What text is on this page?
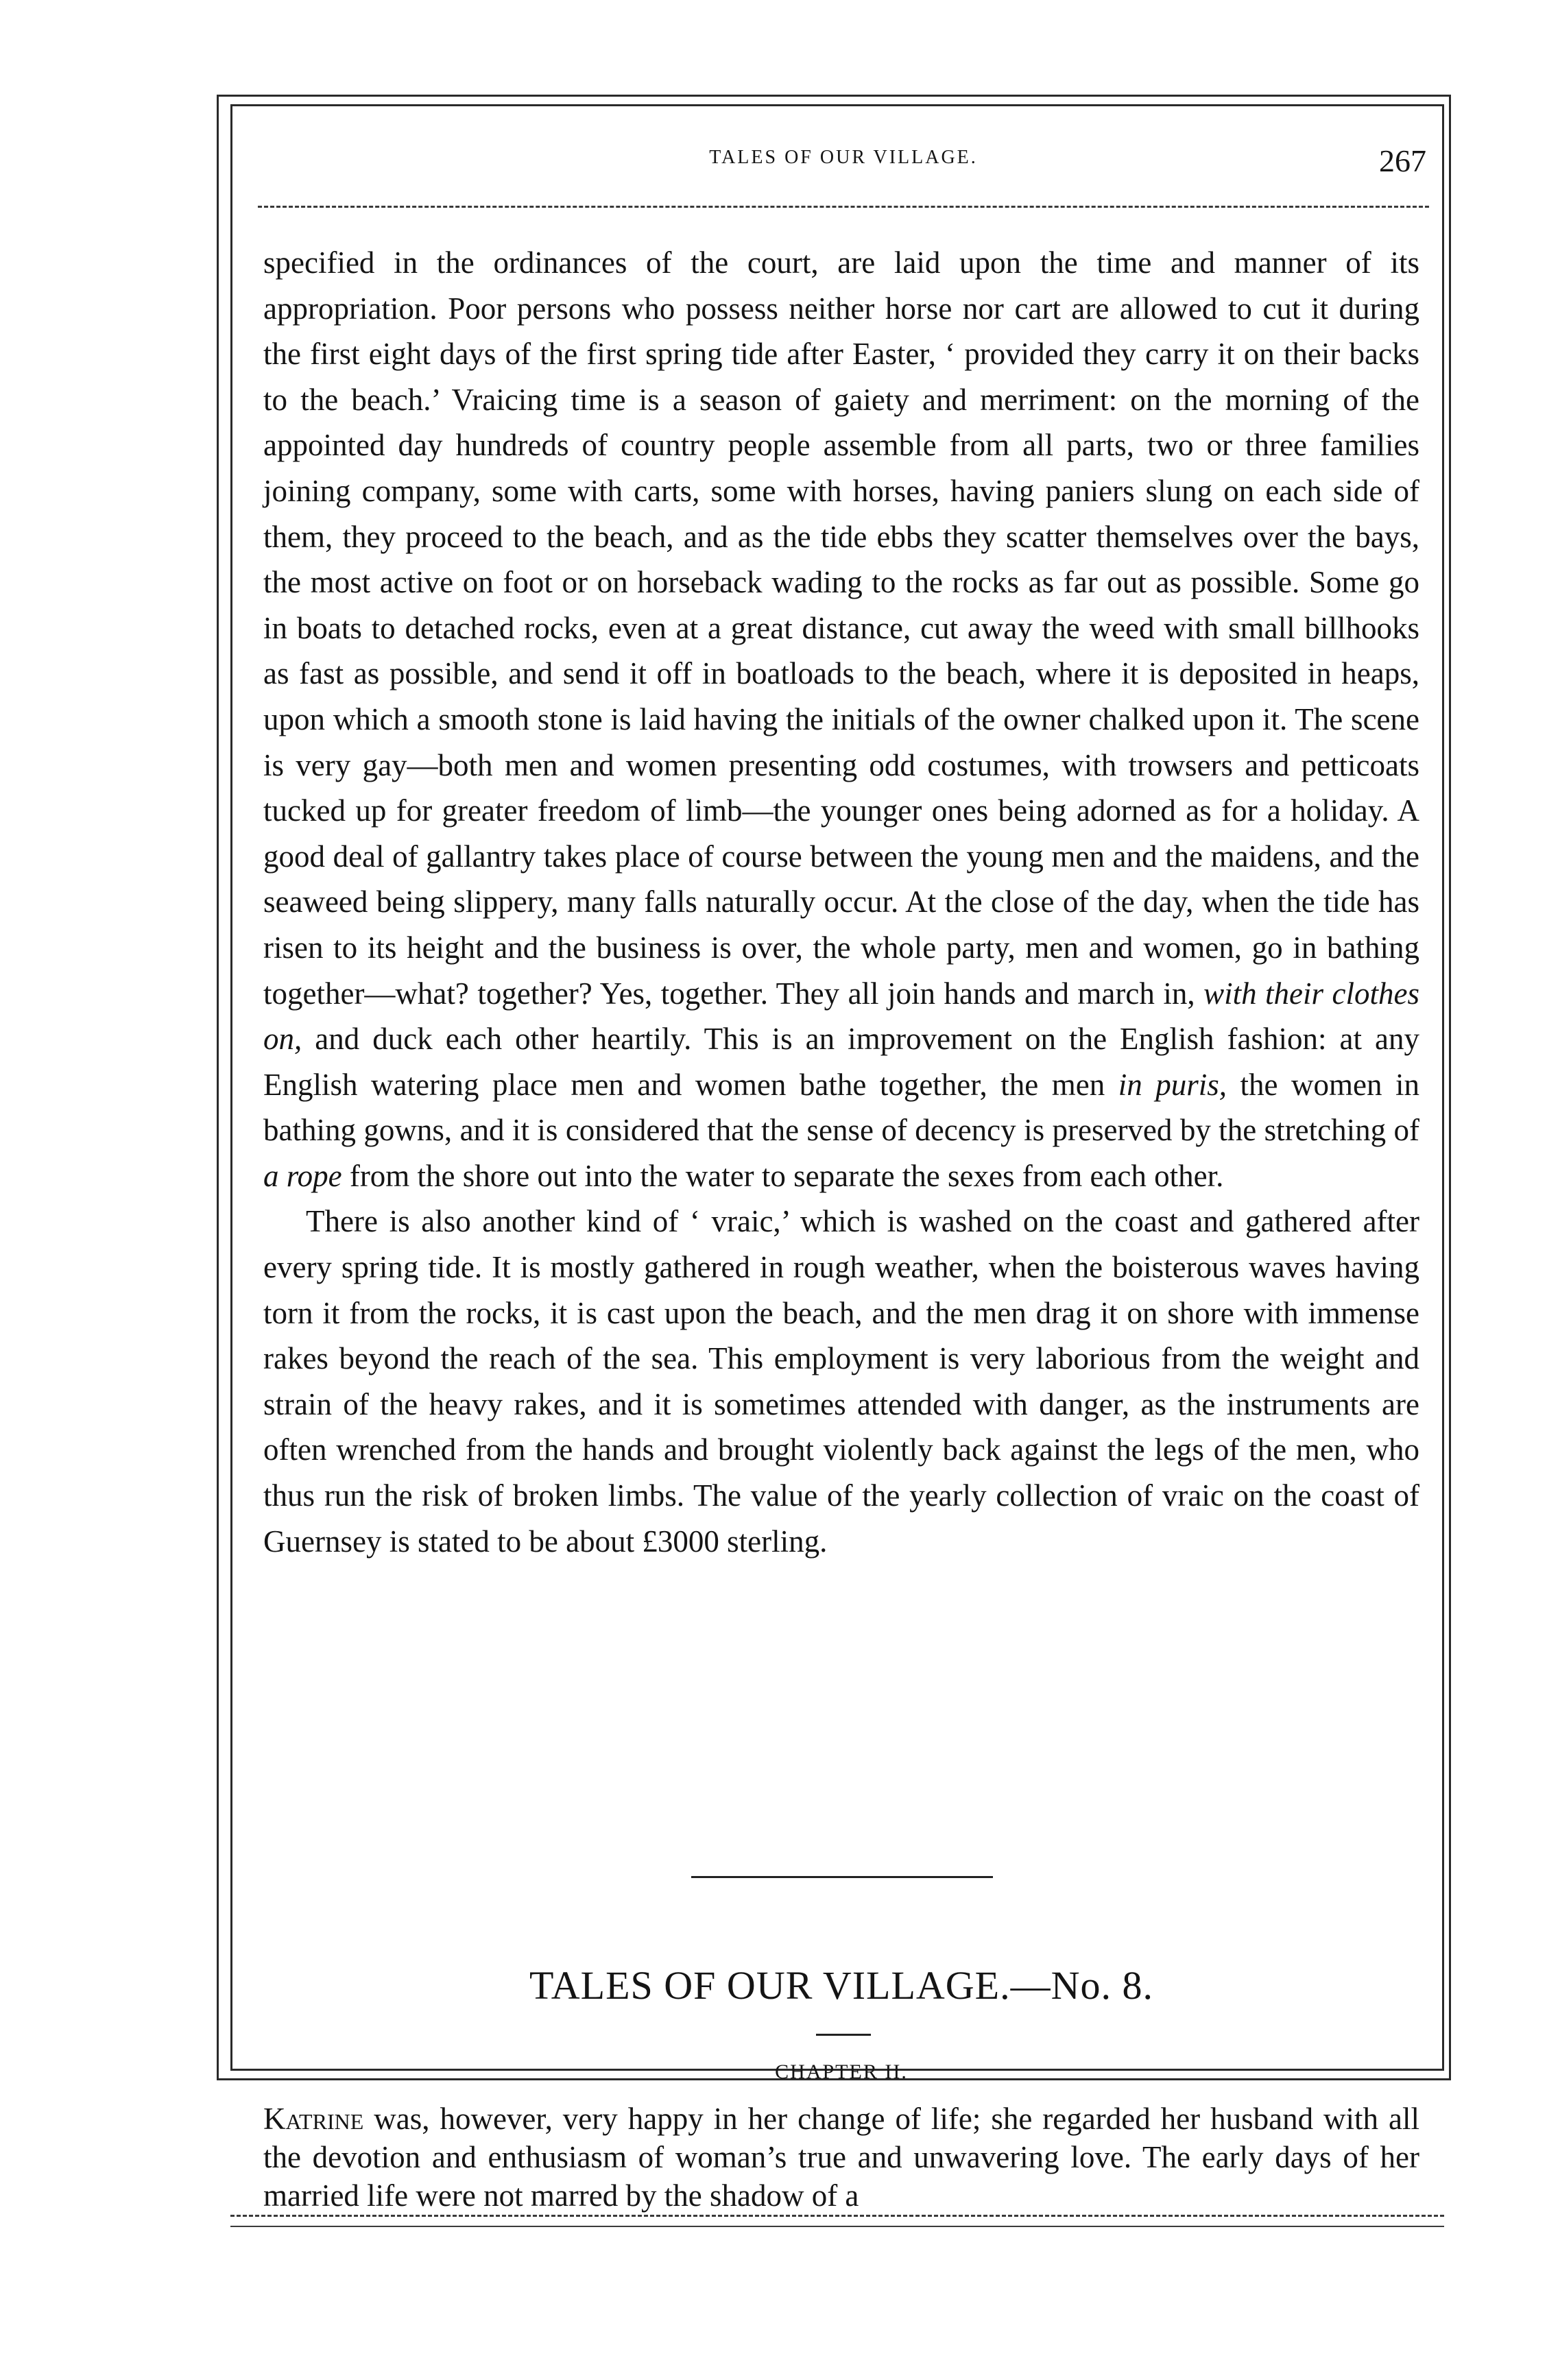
TALES OF OUR VILLAGE.	267

specified in the ordinances of the court, are laid upon the time and manner of its appropriation. Poor persons who possess neither horse nor cart are allowed to cut it during the first eight days of the first spring tide after Easter, ‘ provided they carry it on their backs to the beach.’ Vraicing time is a season of gaiety and merriment: on the morning of the appointed day hundreds of country people assemble from all parts, two or three families joining company, some with carts, some with horses, having paniers slung on each side of them, they proceed to the beach, and as the tide ebbs they scatter themselves over the bays, the most active on foot or on horseback wading to the rocks as far out as possible. Some go in boats to detached rocks, even at a great distance, cut away the weed with small billhooks as fast as possible, and send it off in boatloads to the beach, where it is deposited in heaps, upon which a smooth stone is laid having the initials of the owner chalked upon it. The scene is very gay—both men and women presenting odd costumes, with trowsers and petticoats tucked up for greater freedom of limb—the younger ones being adorned as for a holiday. A good deal of gallantry takes place of course between the young men and the maidens, and the seaweed being slippery, many falls naturally occur. At the close of the day, when the tide has risen to its height and the business is over, the whole party, men and women, go in bathing together—what? together? Yes, together. They all join hands and march in, with their clothes on, and duck each other heartily. This is an improvement on the English fashion: at any English watering place men and women bathe together, the men in puris, the women in bathing gowns, and it is considered that the sense of decency is preserved by the stretching of a rope from the shore out into the water to separate the sexes from each other.

There is also another kind of ‘ vraic,’ which is washed on the coast and gathered after every spring tide. It is mostly gathered in rough weather, when the boisterous waves having torn it from the rocks, it is cast upon the beach, and the men drag it on shore with immense rakes beyond the reach of the sea. This employment is very laborious from the weight and strain of the heavy rakes, and it is sometimes attended with danger, as the instruments are often wrenched from the hands and brought violently back against the legs of the men, who thus run the risk of broken limbs. The value of the yearly collection of vraic on the coast of Guernsey is stated to be about £3000 sterling.

TALES OF OUR VILLAGE.—No. 8.
CHAPTER II.

Katrine was, however, very happy in her change of life; she regarded her husband with all the devotion and enthusiasm of woman’s true and unwavering love. The early days of her married life were not marred by the shadow of a
